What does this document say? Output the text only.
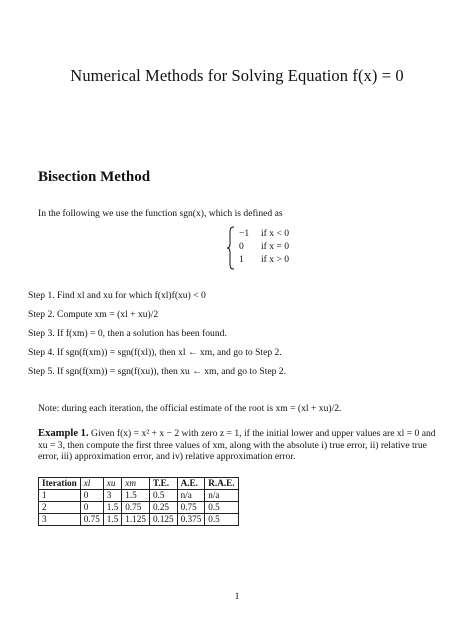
Numerical Methods for Solving Equation f(x) = 0
Bisection Method
In the following we use the function sgn(x), which is defined as
−1	if x < 0
0	if x = 0
1	if x > 0
Step 1. Find xl and xu for which f(xl)f(xu) < 0
Step 2. Compute xm = (xl + xu)/2
Step 3. If f(xm) = 0, then a solution has been found.
Step 4. If sgn(f(xm)) = sgn(f(xl)), then xl ← xm, and go to Step 2.
Step 5. If sgn(f(xm)) = sgn(f(xu)), then xu ← xm, and go to Step 2.
Note: during each iteration, the official estimate of the root is xm = (xl + xu)/2.
Example 1. Given f(x) = x² + x − 2 with zero z = 1, if the initial lower and upper values are xl = 0 and xu = 3, then compute the first three values of xm, along with the absolute i) true error, ii) relative true error, iii) approximation error, and iv) relative approximation error.
Iteration	xl	xu	xm	T.E.	A.E.	R.A.E.
1	0	3	1.5	0.5	n/a	n/a
2	0	1.5	0.75	0.25	0.75	0.5
3	0.75	1.5	1.125	0.125	0.375	0.5
1
